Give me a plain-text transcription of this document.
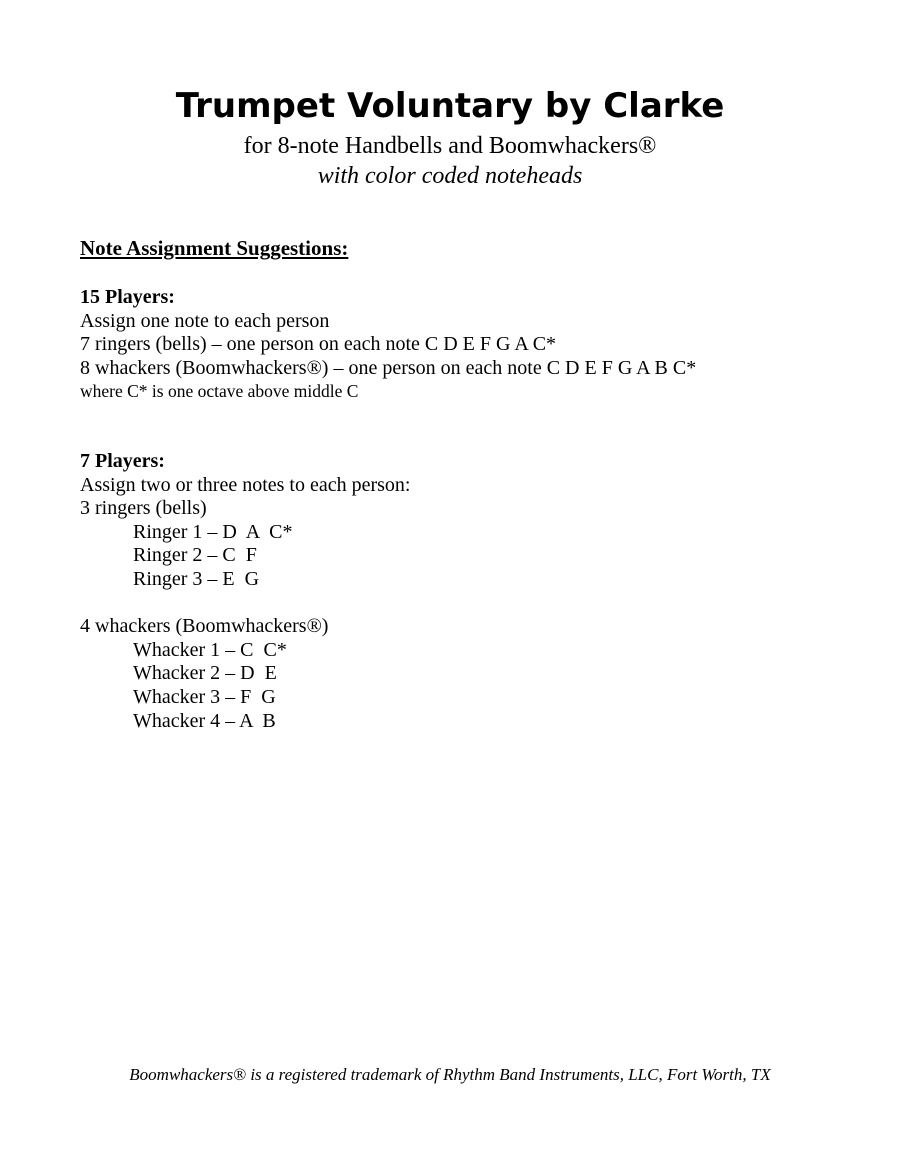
Trumpet Voluntary by Clarke
for 8-note Handbells and Boomwhackers®
with color coded noteheads
Note Assignment Suggestions:
15 Players:
Assign one note to each person
7 ringers (bells) – one person on each note C D E F G A C*
8 whackers (Boomwhackers®) – one person on each note C D E F G A B C*
where C* is one octave above middle C
7 Players:
Assign two or three notes to each person:
3 ringers (bells)
Ringer 1 – D  A  C*
Ringer 2 – C  F
Ringer 3 – E  G

4 whackers (Boomwhackers®)
Whacker 1 – C  C*
Whacker 2 – D  E
Whacker 3 – F  G
Whacker 4 – A  B
Boomwhackers® is a registered trademark of Rhythm Band Instruments, LLC, Fort Worth, TX
